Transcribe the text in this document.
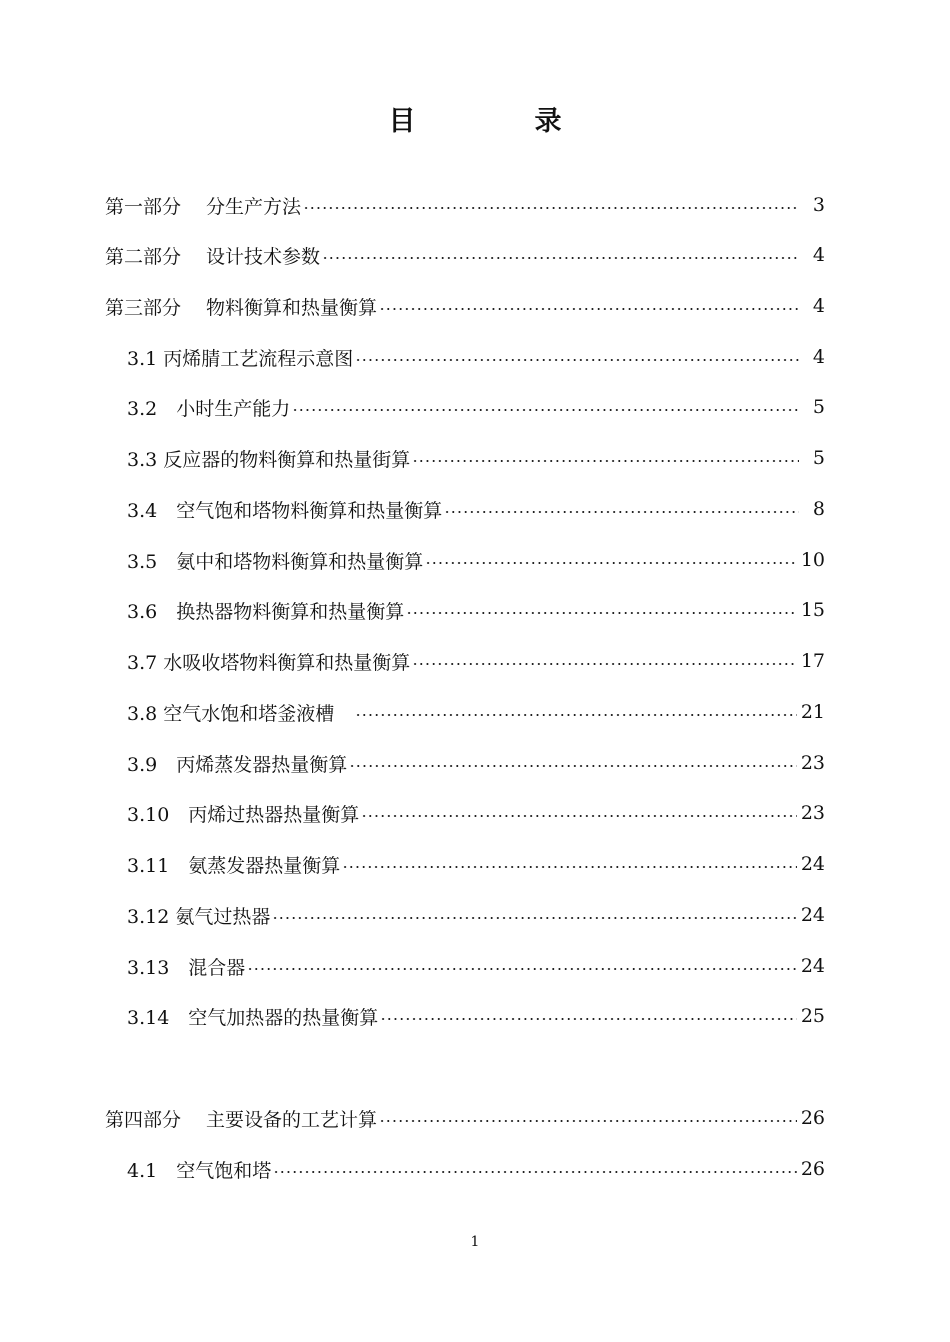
目　录
第一部分　 分生产方法	3
第二部分　 设计技术参数	4
第三部分　 物料衡算和热量衡算	4
3.1 丙烯腈工艺流程示意图	4
3.2　小时生产能力	5
3.3 反应器的物料衡算和热量街算	5
3.4　空气饱和塔物料衡算和热量衡算	8
3.5　氨中和塔物料衡算和热量衡算	10
3.6　换热器物料衡算和热量衡算	15
3.7 水吸收塔物料衡算和热量衡算	17
3.8 空气水饱和塔釜液槽　	21
3.9　丙烯蒸发器热量衡算	23
3.10　丙烯过热器热量衡算	23
3.11　氨蒸发器热量衡算	24
3.12 氨气过热器	24
3.13　混合器	24
3.14　空气加热器的热量衡算	25
第四部分　 主要设备的工艺计算	26
4.1　空气饱和塔	26
1
